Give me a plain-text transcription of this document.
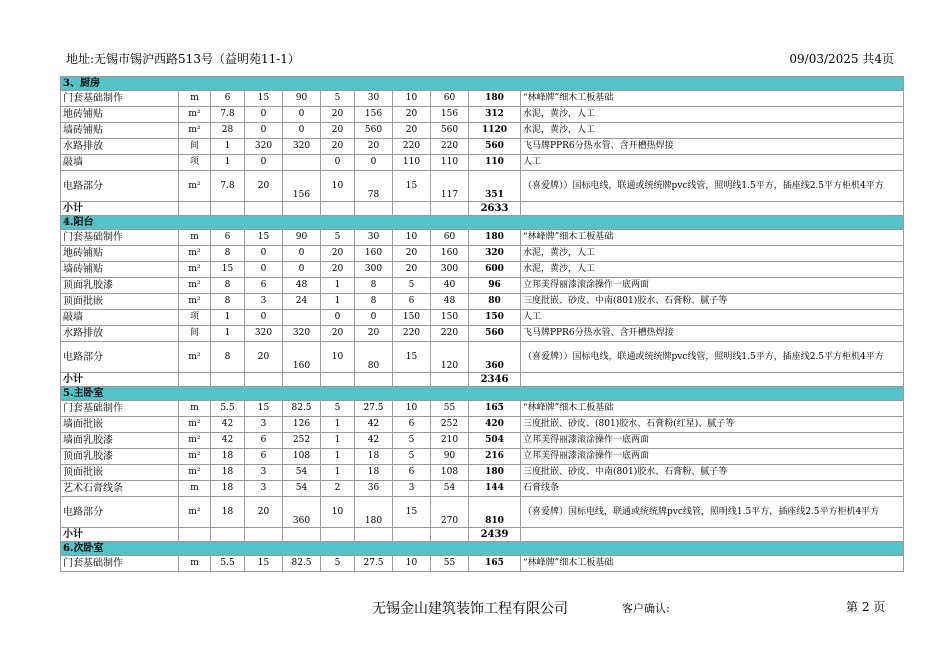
地址:无锡市锡沪西路513号（益明苑11-1）	09/03/2025 共4页
3、厨房										
门套基础制作	m	6	15	90	5	30	10	60	180	“林峰牌”细木工板基础
地砖铺贴	m²	7.8	0	0	20	156	20	156	312	水泥，黄沙，人工
墙砖铺贴	m²	28	0	0	20	560	20	560	1120	水泥，黄沙，人工
水路排放	间	1	320	320	20	20	220	220	560	飞马牌PPR6分热水管、含开槽热焊接
敲墙	项	1	0		0	0	110	110	110	人工
电路部分	m²	7.8	20	156	10	78	15	117	351	（喜爱牌））国标电线，联通或统统牌pvc线管，照明线1.5平方，插座线2.5平方柜机4平方
小计									2633	
4.阳台										
门套基础制作	m	6	15	90	5	30	10	60	180	“林峰牌”细木工板基础
地砖铺贴	m²	8	0	0	20	160	20	160	320	水泥，黄沙，人工
墙砖铺贴	m²	15	0	0	20	300	20	300	600	水泥，黄沙，人工
顶面乳胶漆	m²	8	6	48	1	8	5	40	96	立邦美得丽漆滚涂操作一底两面
顶面批嵌	m²	8	3	24	1	8	6	48	80	三度批嵌、砂皮、中南(801)胶水、石膏粉、腻子等
敲墙	项	1	0		0	0	150	150	150	人工
水路排放	间	1	320	320	20	20	220	220	560	飞马牌PPR6分热水管、含开槽热焊接
电路部分	m²	8	20	160	10	80	15	120	360	（喜爱牌））国标电线，联通或统统牌pvc线管，照明线1.5平方，插座线2.5平方柜机4平方
小计									2346	
5.主卧室										
门套基础制作	m	5.5	15	82.5	5	27.5	10	55	165	“林峰牌”细木工板基础
墙面批嵌	m²	42	3	126	1	42	6	252	420	三度批嵌、砂皮、(801)胶水、石膏粉(红星)、腻子等
墙面乳胶漆	m²	42	6	252	1	42	5	210	504	立邦美得丽漆滚涂操作一底两面
顶面乳胶漆	m²	18	6	108	1	18	5	90	216	立邦美得丽漆滚涂操作一底两面
顶面批嵌	m²	18	3	54	1	18	6	108	180	三度批嵌、砂皮、中南(801)胶水、石膏粉、腻子等
艺术石膏线条	m	18	3	54	2	36	3	54	144	石膏线条
电路部分	m²	18	20	360	10	180	15	270	810	（喜爱牌）国标电线，联通或统统牌pvc线管，照明线1.5平方，插座线2.5平方柜机4平方
小计									2439	
6.次卧室										
门套基础制作	m	5.5	15	82.5	5	27.5	10	55	165	“林峰牌”细木工板基础
无锡金山建筑装饰工程有限公司	客户确认:	第 2 页
